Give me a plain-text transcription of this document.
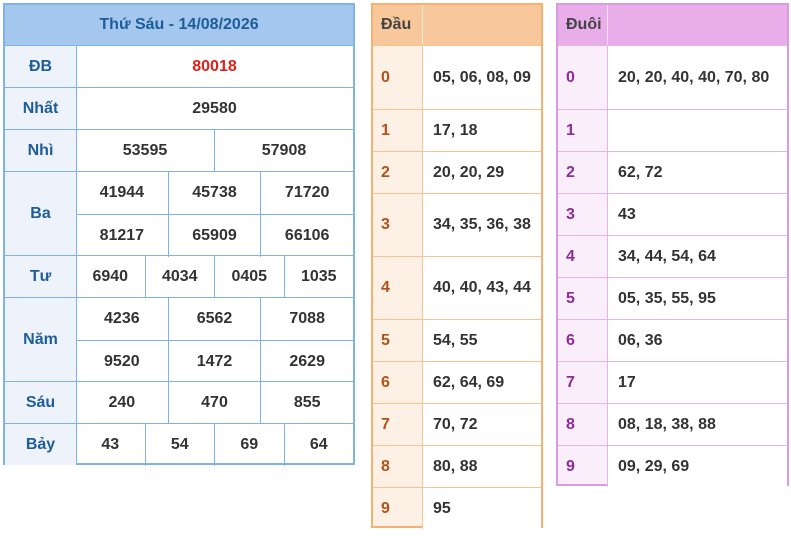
Thứ Sáu - 14/08/2026
ĐB	80018
Nhất	29580
Nhì	53595	57908
Ba
41944	45738	71720
81217	65909	66106
Tư	6940	4034	0405	1035
Năm
4236	6562	7088
9520	1472	2629
Sáu	240	470	855
Bảy	43	54	69	64
Đầu
0	05, 06, 08, 09
1	17, 18
2	20, 20, 29
3	34, 35, 36, 38
4	40, 40, 43, 44
5	54, 55
6	62, 64, 69
7	70, 72
8	80, 88
9	95
Đuôi
0	20, 20, 40, 40, 70, 80
1
2	62, 72
3	43
4	34, 44, 54, 64
5	05, 35, 55, 95
6	06, 36
7	17
8	08, 18, 38, 88
9	09, 29, 69
